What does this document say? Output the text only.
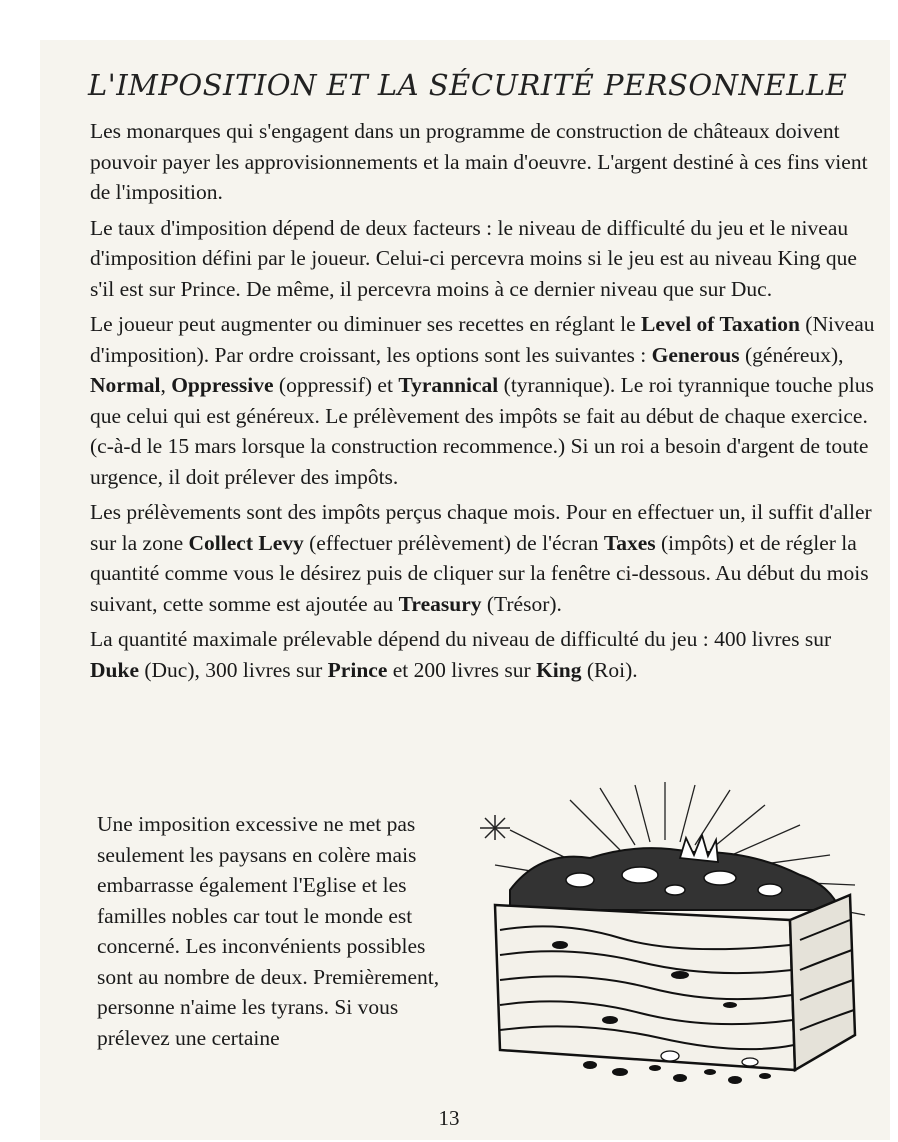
L'IMPOSITION ET LA SÉCURITÉ PERSONNELLE

Les monarques qui s'engagent dans un programme de construction de châteaux doivent pouvoir payer les approvisionnements et la main d'oeuvre. L'argent destiné à ces fins vient de l'imposition.

Le taux d'imposition dépend de deux facteurs : le niveau de difficulté du jeu et le niveau d'imposition défini par le joueur. Celui-ci percevra moins si le jeu est au niveau King que s'il est sur Prince. De même, il percevra moins à ce dernier niveau que sur Duc.

Le joueur peut augmenter ou diminuer ses recettes en réglant le Level of Taxation (Niveau d'imposition). Par ordre croissant, les options sont les suivantes : Generous (généreux), Normal, Oppressive (oppressif) et Tyrannical (tyrannique). Le roi tyrannique touche plus que celui qui est généreux. Le prélèvement des impôts se fait au début de chaque exercice. (c-à-d le 15 mars lorsque la construction recommence.) Si un roi a besoin d'argent de toute urgence, il doit prélever des impôts.

Les prélèvements sont des impôts perçus chaque mois. Pour en effectuer un, il suffit d'aller sur la zone Collect Levy (effectuer prélèvement) de l'écran Taxes (impôts) et de régler la quantité comme vous le désirez puis de cliquer sur la fenêtre ci-dessous. Au début du mois suivant, cette somme est ajoutée au Treasury (Trésor).

La quantité maximale prélevable dépend du niveau de difficulté du jeu : 400 livres sur Duke (Duc), 300 livres sur Prince et 200 livres sur King (Roi).

Une imposition excessive ne met pas seulement les paysans en colère mais embarrasse également l'Eglise et les familles nobles car tout le monde est concerné. Les inconvénients possibles sont au nombre de deux. Premièrement, personne n'aime les tyrans. Si vous prélevez une certaine

13
